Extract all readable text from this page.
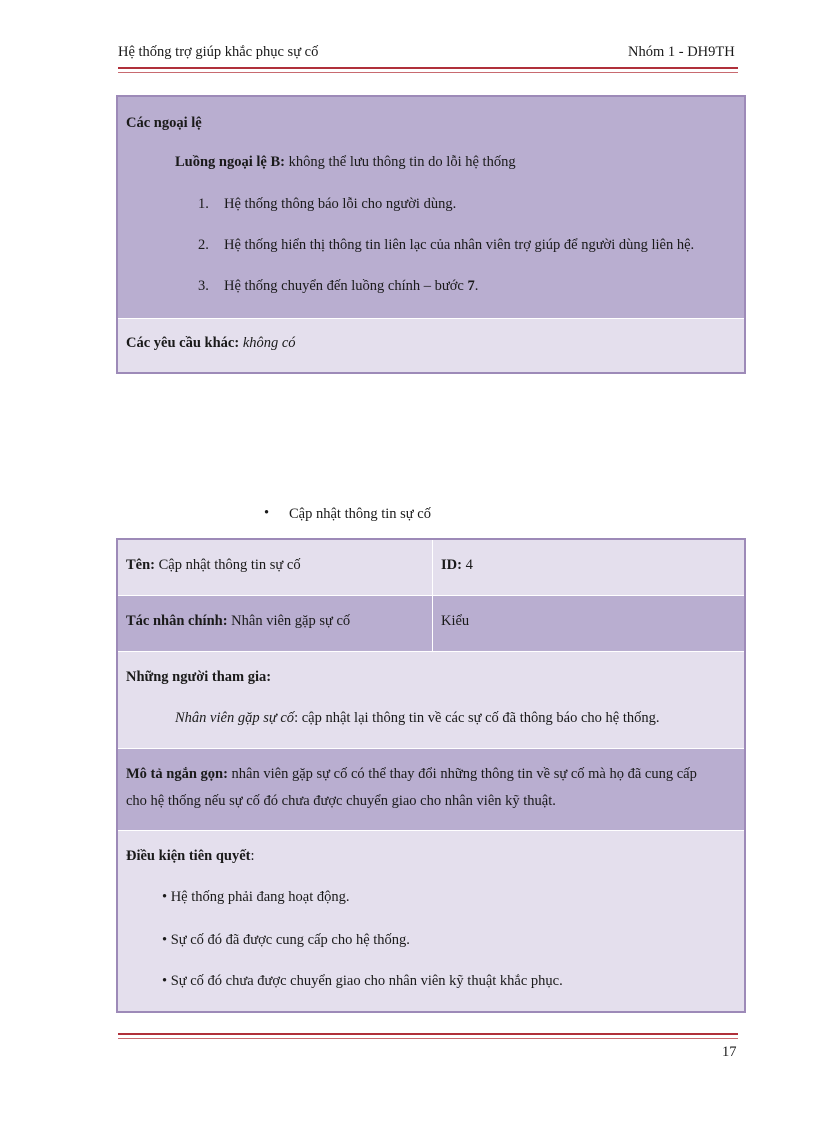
Hệ thống trợ giúp khắc phục sự cố	Nhóm 1 - DH9TH
Các ngoại lệ
Luồng ngoại lệ B: không thể lưu thông tin do lỗi hệ thống
1. Hệ thống thông báo lỗi cho người dùng.
2. Hệ thống hiển thị thông tin liên lạc của nhân viên trợ giúp để người dùng liên hệ.
3. Hệ thống chuyển đến luồng chính – bước 7.
Các yêu cầu khác: không có
• Cập nhật thông tin sự cố
Tên: Cập nhật thông tin sự cố	ID: 4
Tác nhân chính: Nhân viên gặp sự cố	Kiểu
Những người tham gia:
Nhân viên gặp sự cố: cập nhật lại thông tin về các sự cố đã thông báo cho hệ thống.
Mô tả ngắn gọn: nhân viên gặp sự cố có thể thay đổi những thông tin về sự cố mà họ đã cung cấp
cho hệ thống nếu sự cố đó chưa được chuyển giao cho nhân viên kỹ thuật.
Điều kiện tiên quyết:
• Hệ thống phải đang hoạt động.
• Sự cố đó đã được cung cấp cho hệ thống.
• Sự cố đó chưa được chuyển giao cho nhân viên kỹ thuật khắc phục.
17
